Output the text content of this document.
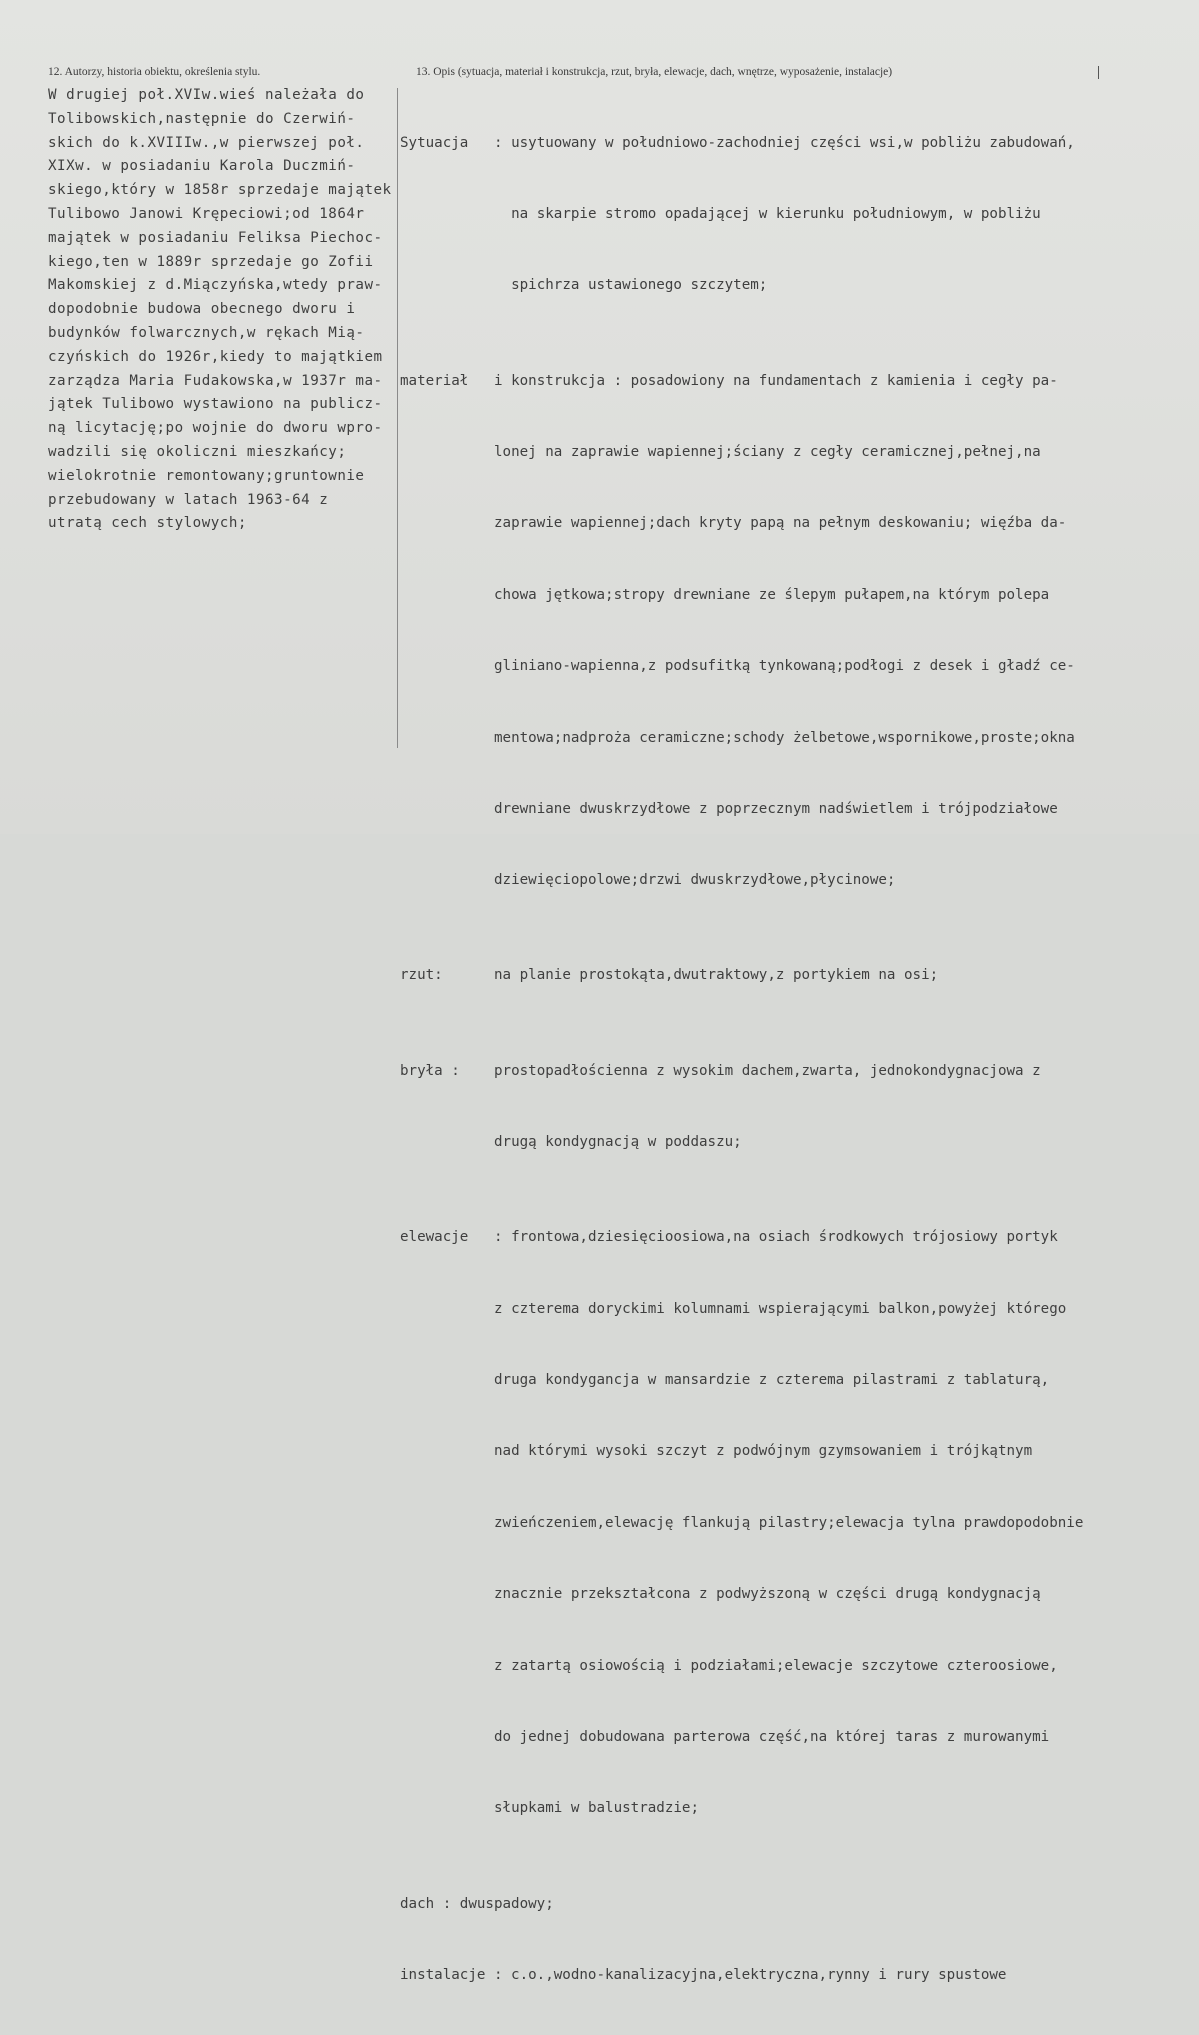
12. Autorzy, historia obiektu, określenia stylu.	13. Opis (sytuacja, materiał i konstrukcja, rzut, bryła, elewacje, dach, wnętrze, wyposażenie, instalacje)
W drugiej poł.XVIw.wieś należała do
Tolibowskich,następnie do Czerwiń-
skich do k.XVIIIw.,w pierwszej poł.
XIXw. w posiadaniu Karola Duczmiń-
skiego,który w 1858r sprzedaje majątek
Tulibowo Janowi Krępeciowi;od 1864r
majątek w posiadaniu Feliksa Piechoc-
kiego,ten w 1889r sprzedaje go Zofii
Makomskiej z d.Miączyńska,wtedy praw-
dopodobnie budowa obecnego dworu i
budynków folwarcznych,w rękach Mią-
czyńskich do 1926r,kiedy to majątkiem
zarządza Maria Fudakowska,w 1937r ma-
jątek Tulibowo wystawiono na publicz-
ną licytację;po wojnie do dworu wpro-
wadzili się okoliczni mieszkańcy;
wielokrotnie remontowany;gruntownie
przebudowany w latach 1963-64 z
utratą cech stylowych;

Sytuacja : usytuowany w południowo-zachodniej części wsi,w pobliżu zabudowań,

na skarpie stromo opadającej w kierunku południowym, w pobliżu

spichrza ustawionego szczytem;

materiał i konstrukcja : posadowiony na fundamentach z kamienia i cegły pa-

lonej na zaprawie wapiennej;ściany z cegły ceramicznej,pełnej,na

zaprawie wapiennej;dach kryty papą na pełnym deskowaniu; więźba da-

chowa jętkowa;stropy drewniane ze ślepym pułapem,na którym polepa

gliniano-wapienna,z podsufitką tynkowaną;podłogi z desek i gładź ce-

mentowa;nadproża ceramiczne;schody żelbetowe,wspornikowe,proste;okna

drewniane dwuskrzydłowe z poprzecznym nadświetlem i trójpodziałowe

dziewięciopolowe;drzwi dwuskrzydłowe,płycinowe;

rzut:	na planie prostokąta,dwutraktowy,z portykiem na osi;

bryła : prostopadłościenna z wysokim dachem,zwarta, jednokondygnacjowa z

drugą kondygnacją w poddaszu;

elewacje : frontowa,dziesięcioosiowa,na osiach środkowych trójosiowy portyk

z czterema doryckimi kolumnami wspierającymi balkon,powyżej którego

druga kondygancja w mansardzie z czterema pilastrami z tablaturą,

nad którymi wysoki szczyt z podwójnym gzymsowaniem i trójkątnym

zwieńczeniem,elewację flankują pilastry;elewacja tylna prawdopodobnie

znacznie przekształcona z podwyższoną w części drugą kondygnacją

z zatartą osiowością i podziałami;elewacje szczytowe czteroosiowe,

do jednej dobudowana parterowa część,na której taras z murowanymi

słupkami w balustradzie;

dach : dwuspadowy;

instalacje : c.o.,wodno-kanalizacyjna,elektryczna,rynny i rury spustowe
